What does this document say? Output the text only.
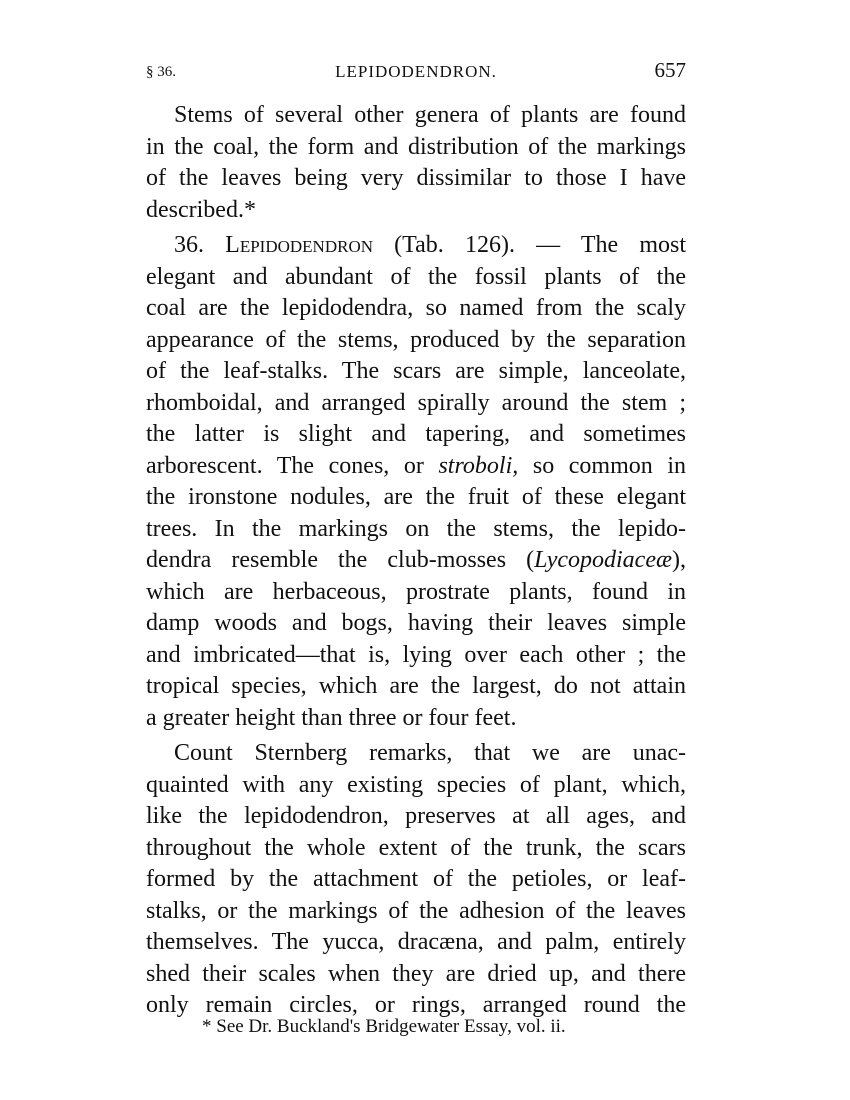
§ 36.	LEPIDODENDRON.	657

Stems of several other genera of plants are found
in the coal, the form and distribution of the markings
of the leaves being very dissimilar to those I have
described.*

36. Lepidodendron (Tab. 126). — The most
elegant and abundant of the fossil plants of the
coal are the lepidodendra, so named from the scaly
appearance of the stems, produced by the separation
of the leaf-stalks. The scars are simple, lanceolate,
rhomboidal, and arranged spirally around the stem ;
the latter is slight and tapering, and sometimes
arborescent. The cones, or stroboli, so common in
the ironstone nodules, are the fruit of these elegant
trees. In the markings on the stems, the lepido-
dendra resemble the club-mosses (Lycopodiaceæ),
which are herbaceous, prostrate plants, found in
damp woods and bogs, having their leaves simple
and imbricated—that is, lying over each other ; the
tropical species, which are the largest, do not attain
a greater height than three or four feet.

Count Sternberg remarks, that we are unac-
quainted with any existing species of plant, which,
like the lepidodendron, preserves at all ages, and
throughout the whole extent of the trunk, the scars
formed by the attachment of the petioles, or leaf-
stalks, or the markings of the adhesion of the leaves
themselves. The yucca, dracæna, and palm, entirely
shed their scales when they are dried up, and there
only remain circles, or rings, arranged round the

* See Dr. Buckland's Bridgewater Essay, vol. ii.
